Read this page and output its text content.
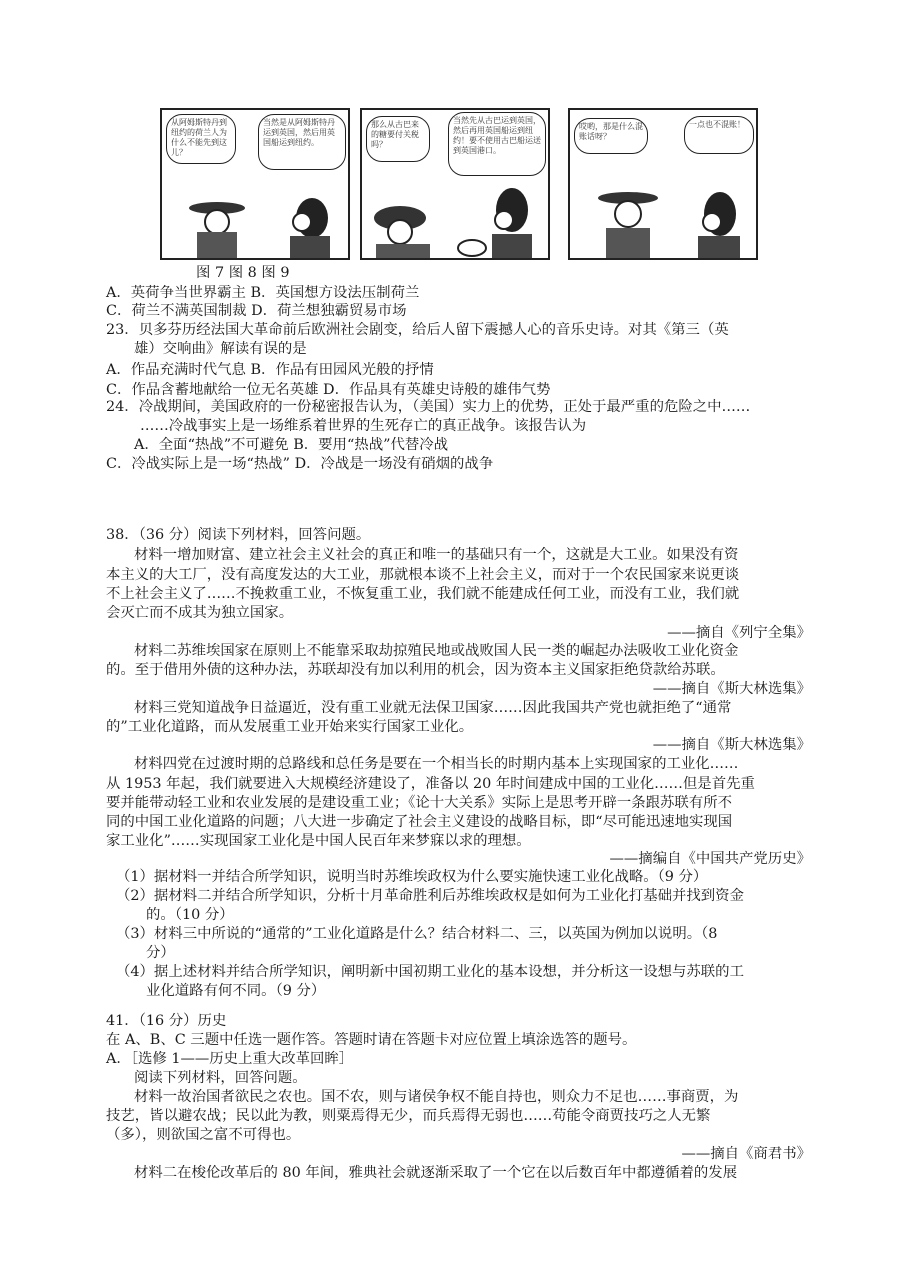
从阿姆斯特丹到纽约的荷兰人为什么不能先到这儿？
当然是从阿姆斯特丹运到英国，然后用英国船运到纽约。
那么从古巴来的糖要付关税吗？
当然先从古巴运到英国，然后再用英国船运到纽约！要不使用古巴船运送到英国港口。
哎哟，那是什么混账话呀？
一点也不混账！
图 7 图 8 图 9
A．英荷争当世界霸主 B．英国想方设法压制荷兰
C．荷兰不满英国制裁 D．荷兰想独霸贸易市场
23．贝多芬历经法国大革命前后欧洲社会剧变，给后人留下震撼人心的音乐史诗。对其《第三（英
雄）交响曲》解读有误的是
A．作品充满时代气息 B．作品有田园风光般的抒情
C．作品含蓄地献给一位无名英雄 D．作品具有英雄史诗般的雄伟气势
24．冷战期间，美国政府的一份秘密报告认为，（美国）实力上的优势，正处于最严重的危险之中……
……冷战事实上是一场维系着世界的生死存亡的真正战争。该报告认为
A．全面“热战”不可避免 B．要用“热战”代替冷战
C．冷战实际上是一场“热战” D．冷战是一场没有硝烟的战争
38．（36 分）阅读下列材料，回答问题。
材料一增加财富、建立社会主义社会的真正和唯一的基础只有一个，这就是大工业。如果没有资
本主义的大工厂，没有高度发达的大工业，那就根本谈不上社会主义，而对于一个农民国家来说更谈
不上社会主义了……不挽救重工业，不恢复重工业，我们就不能建成任何工业，而没有工业，我们就
会灭亡而不成其为独立国家。
——摘自《列宁全集》
材料二苏维埃国家在原则上不能靠采取劫掠殖民地或战败国人民一类的崛起办法吸收工业化资金
的。至于借用外债的这种办法，苏联却没有加以利用的机会，因为资本主义国家拒绝贷款给苏联。
——摘自《斯大林选集》
材料三党知道战争日益逼近，没有重工业就无法保卫国家……因此我国共产党也就拒绝了“通常
的”工业化道路，而从发展重工业开始来实行国家工业化。
——摘自《斯大林选集》
材料四党在过渡时期的总路线和总任务是要在一个相当长的时期内基本上实现国家的工业化……
从 1953 年起，我们就要进入大规模经济建设了，准备以 20 年时间建成中国的工业化……但是首先重
要并能带动轻工业和农业发展的是建设重工业；《论十大关系》实际上是思考开辟一条跟苏联有所不
同的中国工业化道路的问题；八大进一步确定了社会主义建设的战略目标，即“尽可能迅速地实现国
家工业化”……实现国家工业化是中国人民百年来梦寐以求的理想。
——摘编自《中国共产党历史》
（1）据材料一并结合所学知识，说明当时苏维埃政权为什么要实施快速工业化战略。（9 分）
（2）据材料二并结合所学知识，分析十月革命胜利后苏维埃政权是如何为工业化打基础并找到资金
的。（10 分）
（3）材料三中所说的“通常的”工业化道路是什么？结合材料二、三，以英国为例加以说明。（8
分）
（4）据上述材料并结合所学知识，阐明新中国初期工业化的基本设想，并分析这一设想与苏联的工
业化道路有何不同。（9 分）
41．（16 分）历史
在 A、B、C 三题中任选一题作答。答题时请在答题卡对应位置上填涂选答的题号。
A．［选修 1——历史上重大改革回眸］
阅读下列材料，回答问题。
材料一故治国者欲民之农也。国不农，则与诸侯争权不能自持也，则众力不足也……事商贾，为
技艺，皆以避农战；民以此为教，则粟焉得无少，而兵焉得无弱也……苟能令商贾技巧之人无繁
（多），则欲国之富不可得也。
——摘自《商君书》
材料二在梭伦改革后的 80 年间，雅典社会就逐渐采取了一个它在以后数百年中都遵循着的发展
